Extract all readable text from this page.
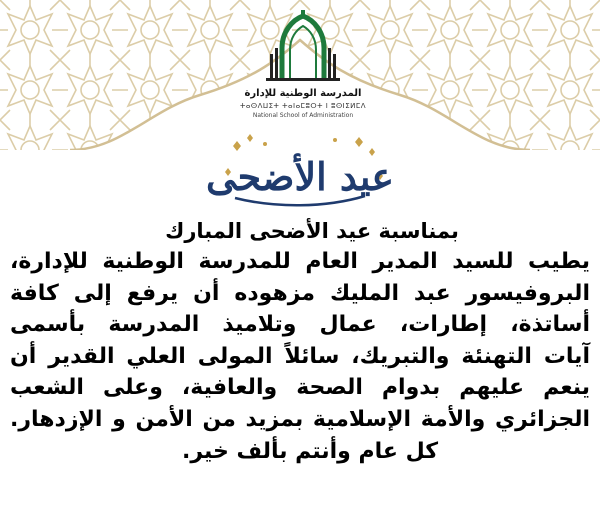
المدرسة الوطنية للإدارة
ⵜⴰⵙⴷⵡⵉⵜ ⵜⴰⵏⴰⵎⵓⵔⵜ ⵏ ⵓⵙⵏⵉⵍⵎⴷ
National School of Administration
عيد الأضحى
بمناسبة عيد الأضحى المبارك
يطيب للسيد المدير العام للمدرسة الوطنية للإدارة،
البروفيسور عبد المليك مزهوده أن يرفع إلى كافة
أساتذة، إطارات، عمال وتلاميذ المدرسة بأسمى
آيات التهنئة والتبريك، سائلاً المولى العلي القدير أن
ينعم عليهم بدوام الصحة والعافية، وعلى الشعب
الجزائري والأمة الإسلامية بمزيد من الأمن و الإزدهار.
كل عام وأنتم بألف خير.
